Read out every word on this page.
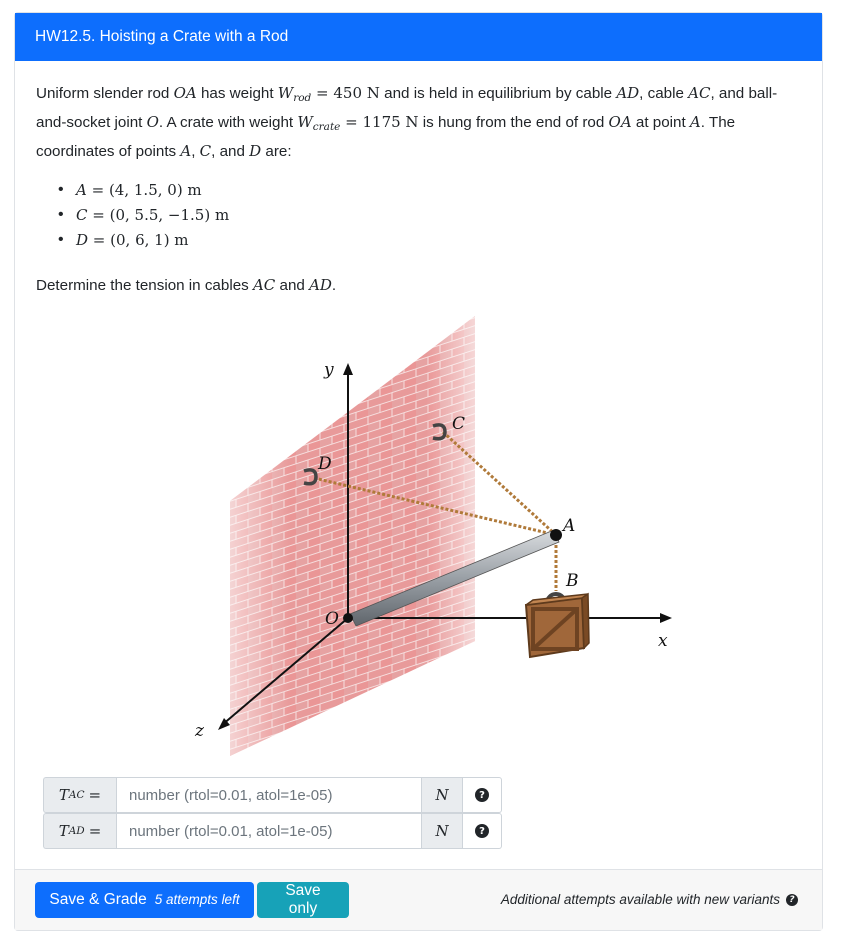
HW12.5. Hoisting a Crate with a Rod

Uniform slender rod OA has weight $W_{rod} = 450$ N and is held in equilibrium by cable AD, cable AC, and ball-and-socket joint O. A crate with weight $W_{crate} = 1175$ N is hung from the end of rod OA at point A. The coordinates of points A, C, and D are:

• A = (4, 1.5, 0) m
• C = (0, 5.5, −1.5) m
• D = (0, 6, 1) m

Determine the tension in cables AC and AD.

y
x
z
O
A
B
C
D
T AC =
number (rtol=0.01, atol=1e-05)	N	?
T AD =
number (rtol=0.01, atol=1e-05)	N	?
Save & Grade 5 attempts left
Save only
Additional attempts available with new variants	?
